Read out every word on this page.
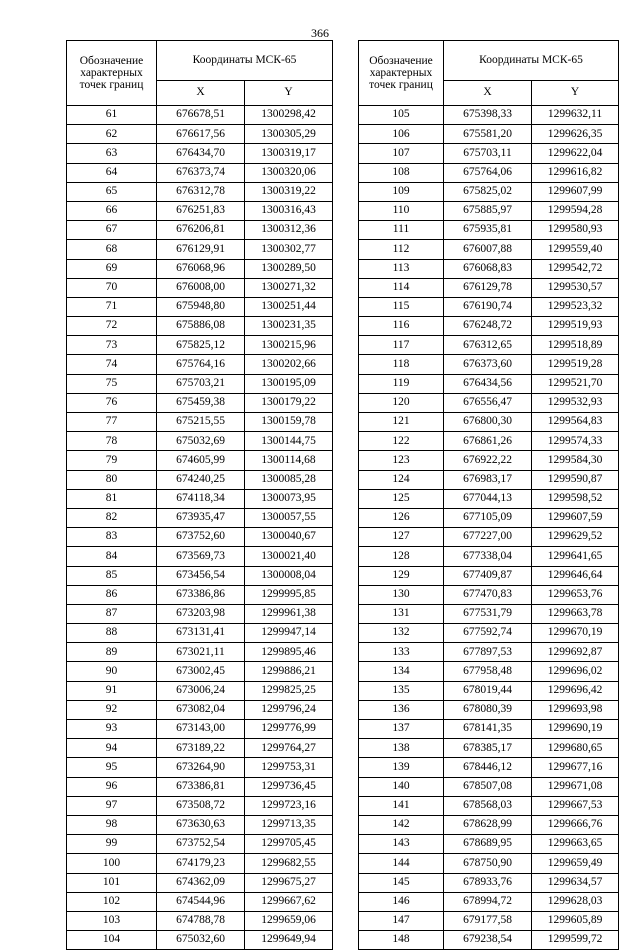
366
Обозначение характерных точек границ	Координаты МСК-65	
	X	Y
61	676678,51	1300298,42
62	676617,56	1300305,29
63	676434,70	1300319,17
64	676373,74	1300320,06
65	676312,78	1300319,22
66	676251,83	1300316,43
67	676206,81	1300312,36
68	676129,91	1300302,77
69	676068,96	1300289,50
70	676008,00	1300271,32
71	675948,80	1300251,44
72	675886,08	1300231,35
73	675825,12	1300215,96
74	675764,16	1300202,66
75	675703,21	1300195,09
76	675459,38	1300179,22
77	675215,55	1300159,78
78	675032,69	1300144,75
79	674605,99	1300114,68
80	674240,25	1300085,28
81	674118,34	1300073,95
82	673935,47	1300057,55
83	673752,60	1300040,67
84	673569,73	1300021,40
85	673456,54	1300008,04
86	673386,86	1299995,85
87	673203,98	1299961,38
88	673131,41	1299947,14
89	673021,11	1299895,46
90	673002,45	1299886,21
91	673006,24	1299825,25
92	673082,04	1299796,24
93	673143,00	1299776,99
94	673189,22	1299764,27
95	673264,90	1299753,31
96	673386,81	1299736,45
97	673508,72	1299723,16
98	673630,63	1299713,35
99	673752,54	1299705,45
100	674179,23	1299682,55
101	674362,09	1299675,27
102	674544,96	1299667,62
103	674788,78	1299659,06
104	675032,60	1299649,94
Обозначение характерных точек границ	Координаты МСК-65	
	X	Y
105	675398,33	1299632,11
106	675581,20	1299626,35
107	675703,11	1299622,04
108	675764,06	1299616,82
109	675825,02	1299607,99
110	675885,97	1299594,28
111	675935,81	1299580,93
112	676007,88	1299559,40
113	676068,83	1299542,72
114	676129,78	1299530,57
115	676190,74	1299523,32
116	676248,72	1299519,93
117	676312,65	1299518,89
118	676373,60	1299519,28
119	676434,56	1299521,70
120	676556,47	1299532,93
121	676800,30	1299564,83
122	676861,26	1299574,33
123	676922,22	1299584,30
124	676983,17	1299590,87
125	677044,13	1299598,52
126	677105,09	1299607,59
127	677227,00	1299629,52
128	677338,04	1299641,65
129	677409,87	1299646,64
130	677470,83	1299653,76
131	677531,79	1299663,78
132	677592,74	1299670,19
133	677897,53	1299692,87
134	677958,48	1299696,02
135	678019,44	1299696,42
136	678080,39	1299693,98
137	678141,35	1299690,19
138	678385,17	1299680,65
139	678446,12	1299677,16
140	678507,08	1299671,08
141	678568,03	1299667,53
142	678628,99	1299666,76
143	678689,95	1299663,65
144	678750,90	1299659,49
145	678933,76	1299634,57
146	678994,72	1299628,03
147	679177,58	1299605,89
148	679238,54	1299599,72
